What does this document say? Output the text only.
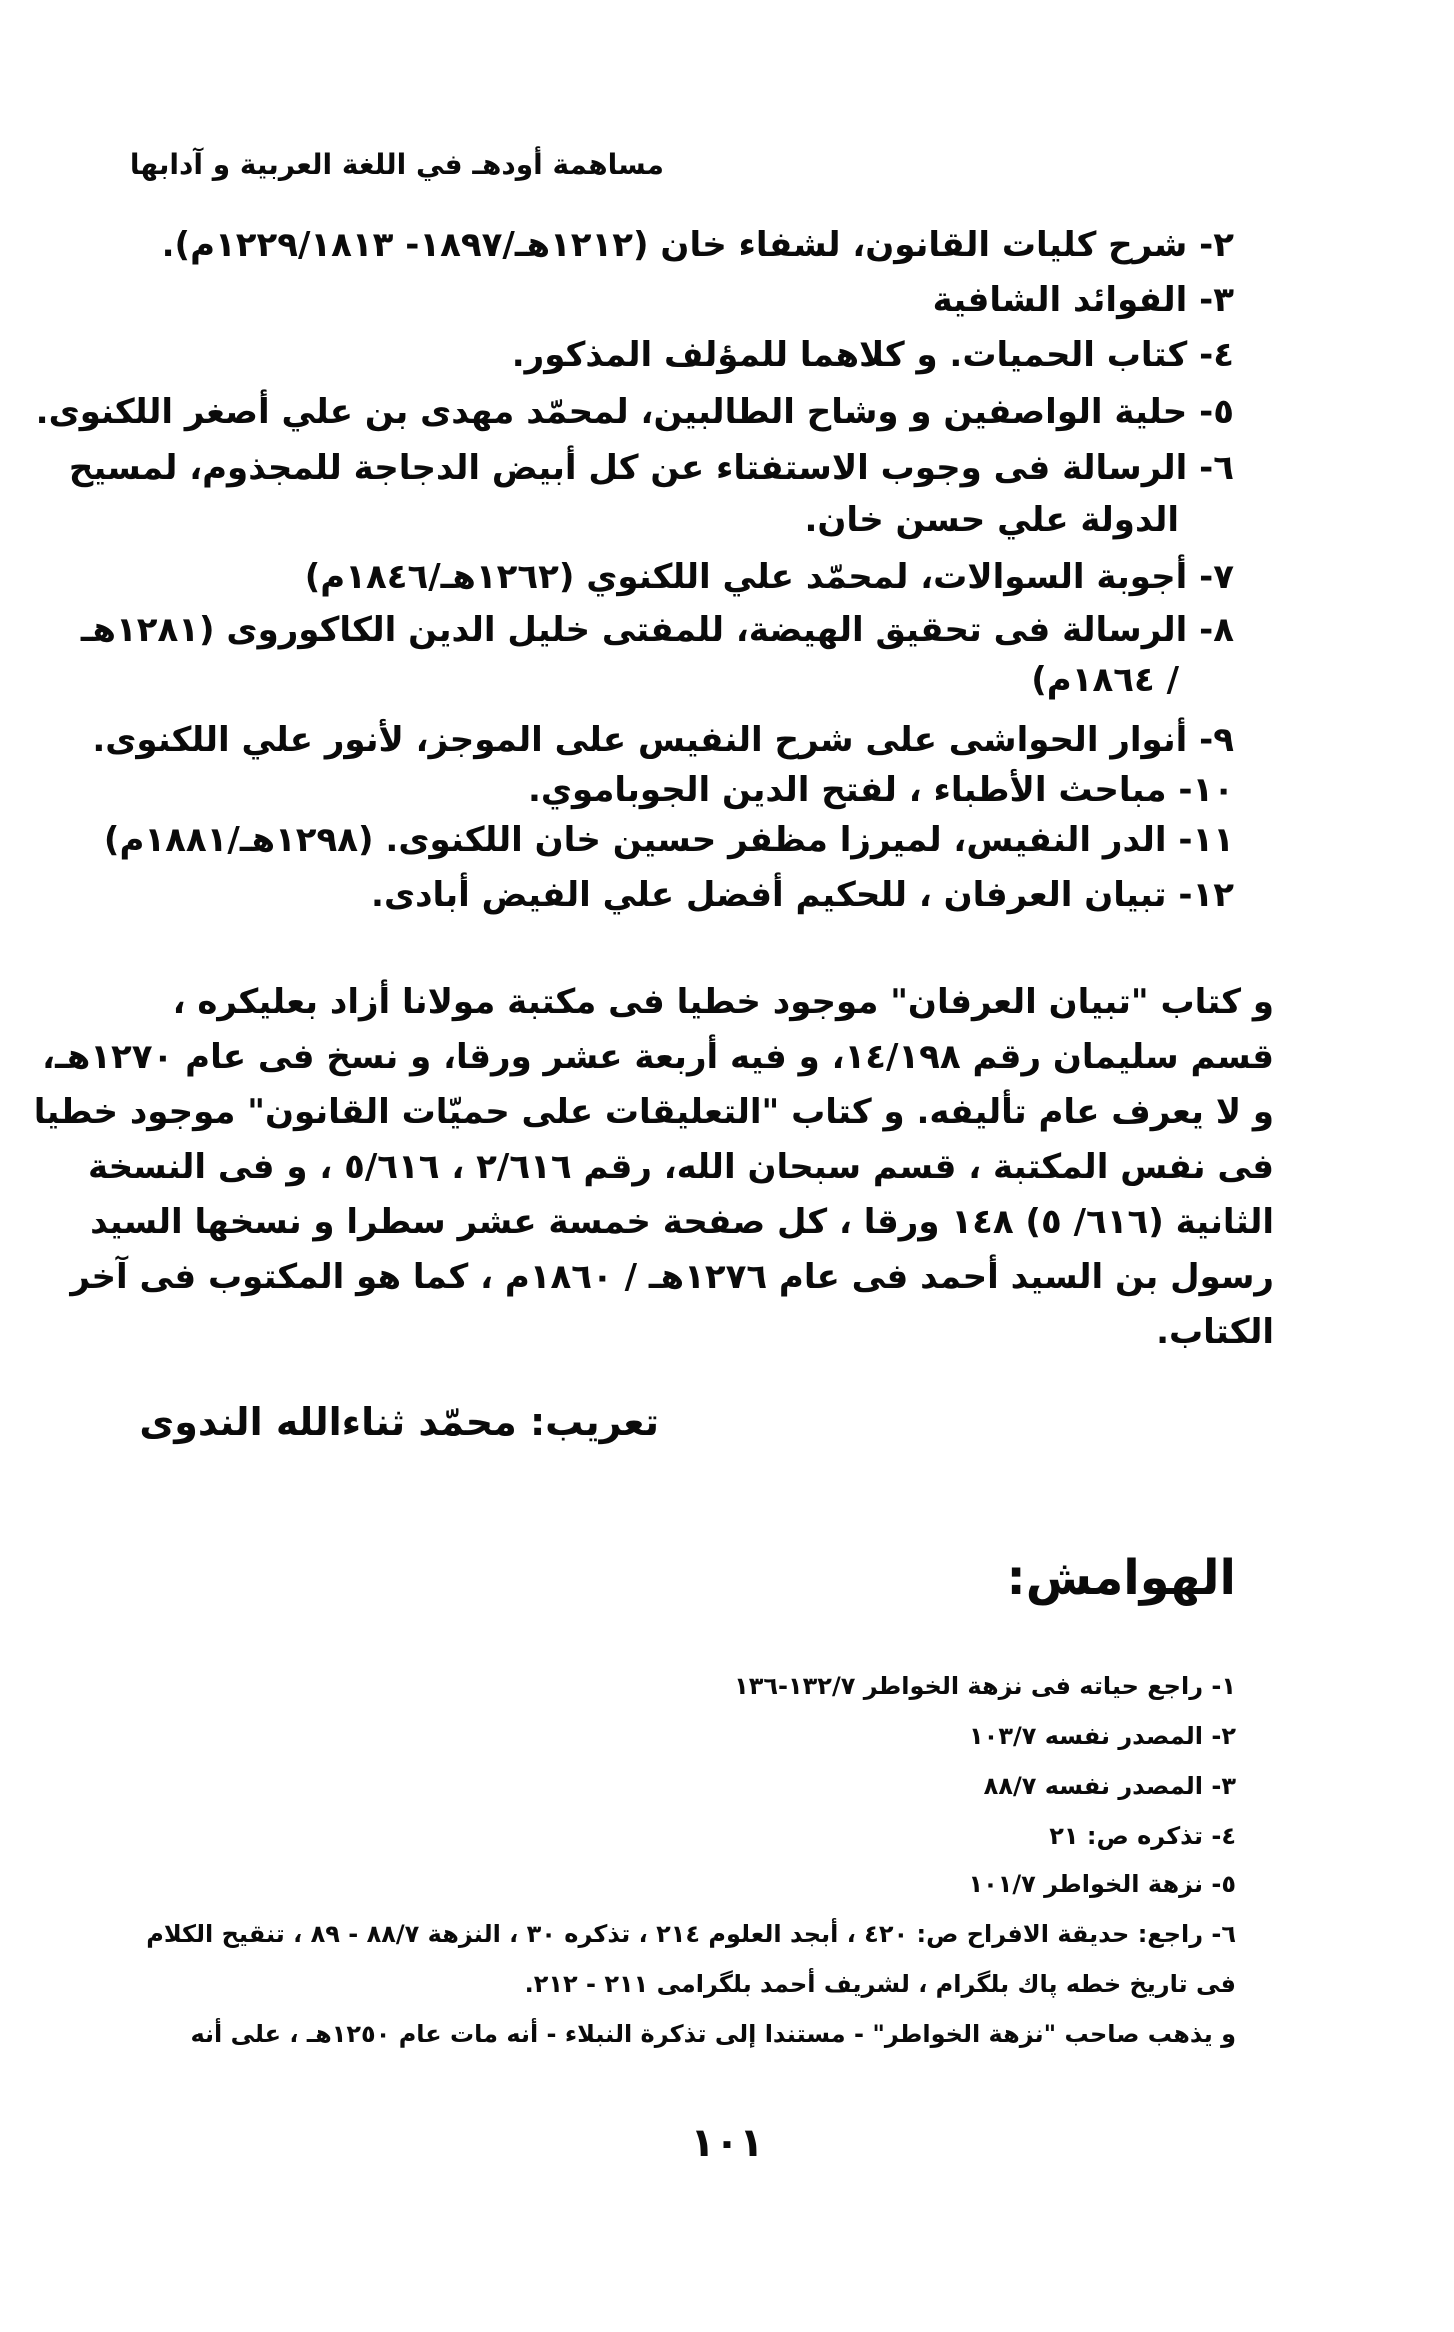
مساهمة أودهـ في اللغة العربية و آدابها
٢- شرح كليات القانون، لشفاء خان (١٢١٢هـ/١٨٩٧- ١٢٢٩/١٨١٣م).
٣- الفوائد الشافية
٤- كتاب الحميات. و كلاهما للمؤلف المذكور.
٥- حلية الواصفين و وشاح الطالبين، لمحمّد مهدى بن علي أصغر اللكنوى.
٦- الرسالة فى وجوب الاستفتاء عن كل أبيض الدجاجة للمجذوم، لمسيح
الدولة علي حسن خان.
٧- أجوبة السوالات، لمحمّد علي اللكنوي (١٢٦٢هـ/١٨٤٦م)
٨- الرسالة فى تحقيق الهيضة، للمفتى خليل الدين الكاكوروى (١٢٨١هـ
/ ١٨٦٤م)
٩- أنوار الحواشى على شرح النفيس على الموجز، لأنور علي اللكنوى.
١٠- مباحث الأطباء ، لفتح الدين الجوباموي.
١١- الدر النفيس، لميرزا مظفر حسين خان اللكنوى. (١٢٩٨هـ/١٨٨١م)
١٢- تبيان العرفان ، للحكيم أفضل علي الفيض أبادى.

و كتاب "تبيان العرفان" موجود خطيا فى مكتبة مولانا أزاد بعليكره ،

قسم سليمان رقم ١٤/١٩٨، و فيه أربعة عشر ورقا، و نسخ فى عام ١٢٧٠هـ،

و لا يعرف عام تأليفه. و كتاب "التعليقات على حميّات القانون" موجود خطيا

فى نفس المكتبة ، قسم سبحان الله، رقم ٢/٦١٦ ، ٥/٦١٦ ، و فى النسخة

الثانية (٦١٦/ ٥) ١٤٨ ورقا ، كل صفحة خمسة عشر سطرا و نسخها السيد

رسول بن السيد أحمد فى عام ١٢٧٦هـ / ١٨٦٠م ، كما هو المكتوب فى آخر

الكتاب.

تعريب: محمّد ثناءالله الندوى
الهوامش:
١- راجع حياته فى نزهة الخواطر ١٣٢/٧-١٣٦
٢- المصدر نفسه ١٠٣/٧
٣- المصدر نفسه ٨٨/٧
٤- تذكره ص: ٢١
٥- نزهة الخواطر ١٠١/٧
٦- راجع: حديقة الافراح ص: ٤٢٠ ، أبجد العلوم ٢١٤ ، تذكره ٣٠ ، النزهة ٨٨/٧ - ٨٩ ، تنقيح الكلام
فى تاريخ خطه پاك بلگرام ، لشريف أحمد بلگرامى ٢١١ - ٢١٢.
و يذهب صاحب "نزهة الخواطر" - مستندا إلى تذكرة النبلاء - أنه مات عام ١٢٥٠هـ ، على أنه
١٠١
